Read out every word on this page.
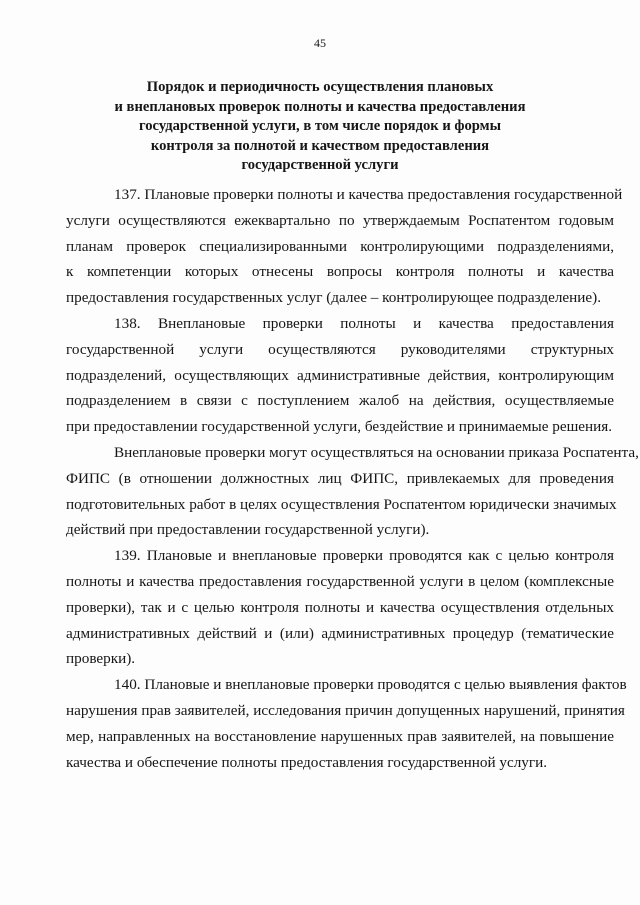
45
Порядок и периодичность осуществления плановых
и внеплановых проверок полноты и качества предоставления
государственной услуги, в том числе порядок и формы
контроля за полнотой и качеством предоставления
государственной услуги
137. Плановые проверки полноты и качества предоставления государственной
услуги осуществляются ежеквартально по утверждаемым Роспатентом годовым
планам проверок специализированными контролирующими подразделениями,
к компетенции которых отнесены вопросы контроля полноты и качества
предоставления государственных услуг (далее – контролирующее подразделение).
138. Внеплановые проверки полноты и качества предоставления
государственной услуги осуществляются руководителями структурных
подразделений, осуществляющих административные действия, контролирующим
подразделением в связи с поступлением жалоб на действия, осуществляемые
при предоставлении государственной услуги, бездействие и принимаемые решения.
Внеплановые проверки могут осуществляться на основании приказа Роспатента,
ФИПС (в отношении должностных лиц ФИПС, привлекаемых для проведения
подготовительных работ в целях осуществления Роспатентом юридически значимых
действий при предоставлении государственной услуги).
139. Плановые и внеплановые проверки проводятся как с целью контроля
полноты и качества предоставления государственной услуги в целом (комплексные
проверки), так и с целью контроля полноты и качества осуществления отдельных
административных действий и (или) административных процедур (тематические
проверки).
140. Плановые и внеплановые проверки проводятся с целью выявления фактов
нарушения прав заявителей, исследования причин допущенных нарушений, принятия
мер, направленных на восстановление нарушенных прав заявителей, на повышение
качества и обеспечение полноты предоставления государственной услуги.
